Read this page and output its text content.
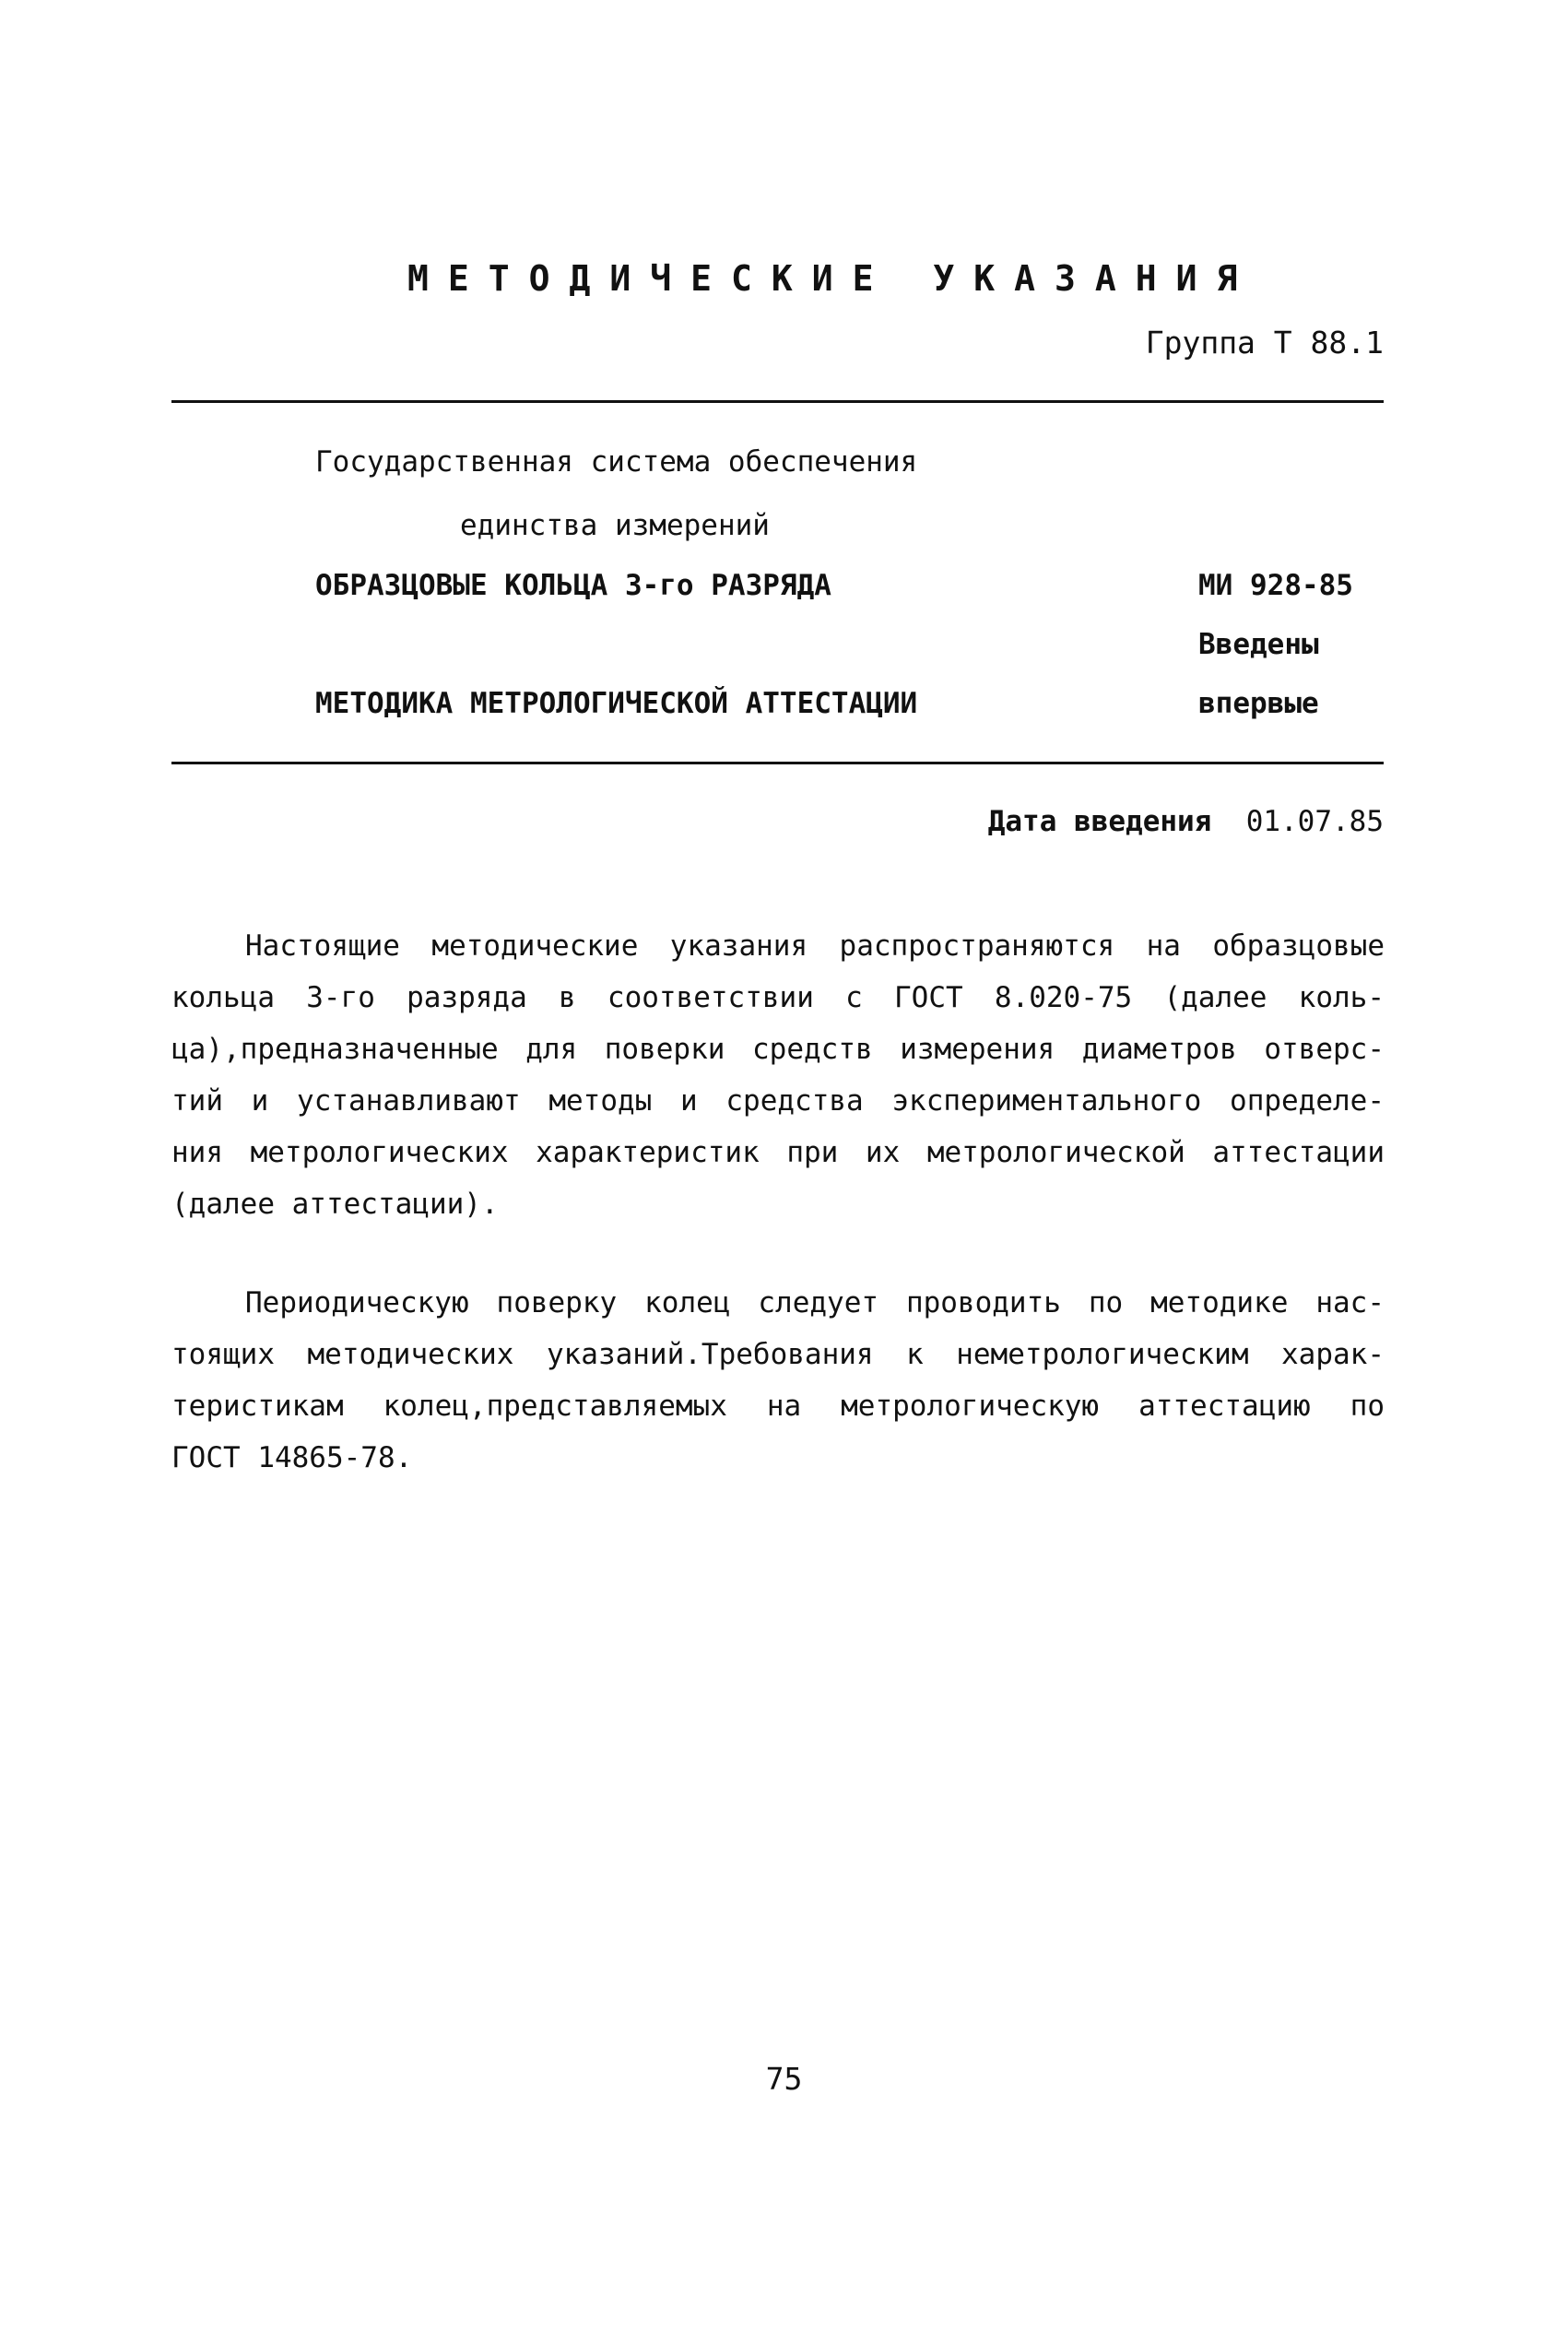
МЕТОДИЧЕСКИЕ УКАЗАНИЯ
Группа Т 88.1
Государственная система обеспечения
единства измерений
ОБРАЗЦОВЫЕ КОЛЬЦА 3-го РАЗРЯДА
МЕТОДИКА МЕТРОЛОГИЧЕСКОЙ АТТЕСТАЦИИ
МИ 928-85
Введены
впервые
Дата введения 01.07.85
Настоящие методические указания распространяются на образцовые
кольца 3-го разряда в соответствии с ГОСТ 8.020-75 (далее коль-
ца),предназначенные для поверки средств измерения диаметров отверс-
тий и устанавливают методы и средства экспериментального определе-
ния метрологических характеристик при их метрологической аттестации
(далее аттестации).
Периодическую поверку колец следует проводить по методике нас-
тоящих методических указаний.Требования к неметрологическим харак-
теристикам колец,представляемых на метрологическую аттестацию по
ГОСТ 14865-78.
75
